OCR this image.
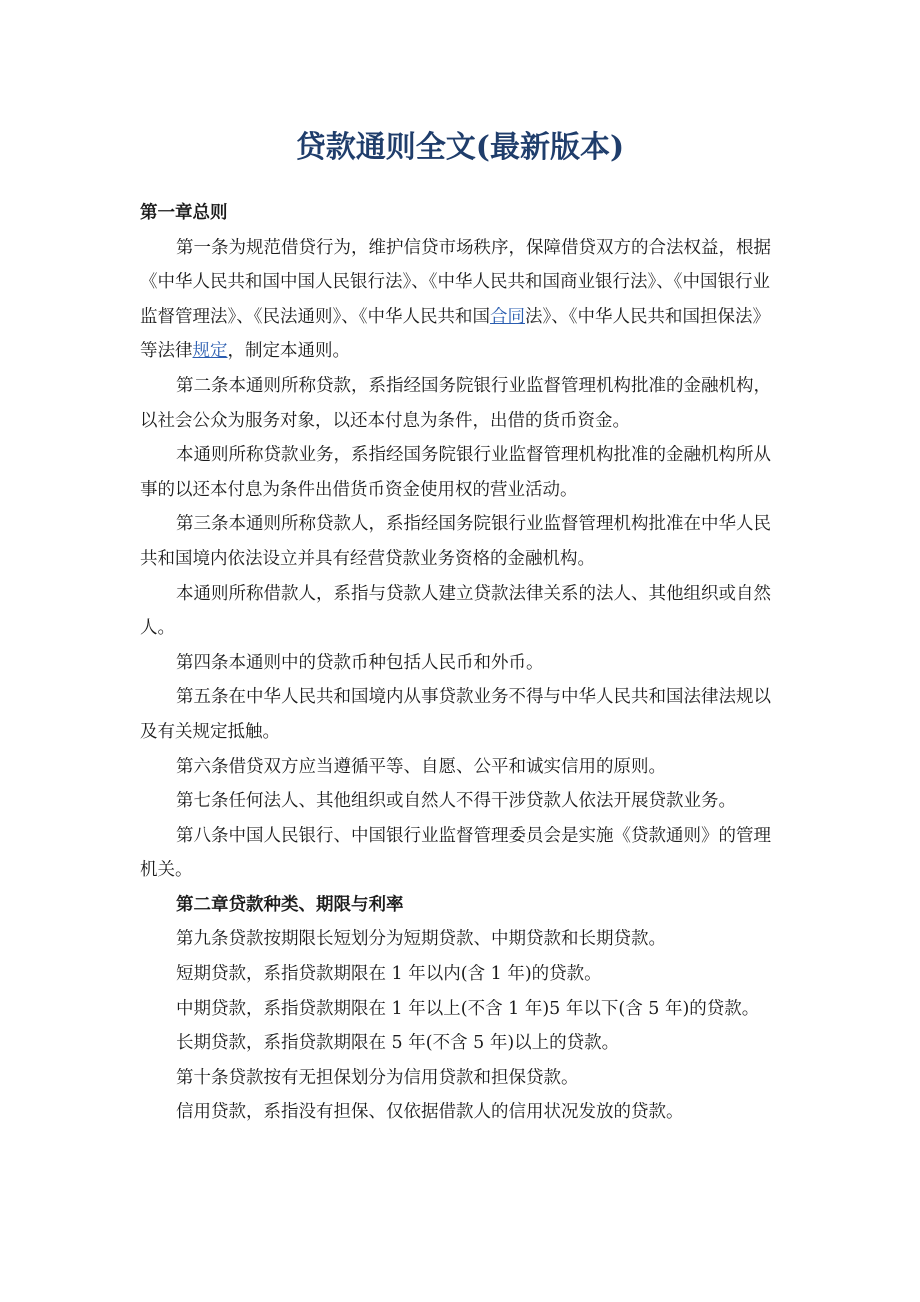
贷款通则全文(最新版本)

第一章总则

第一条为规范借贷行为，维护信贷市场秩序，保障借贷双方的合法权益，根据《中华人民共和国中国人民银行法》、《中华人民共和国商业银行法》、《中国银行业监督管理法》、《民法通则》、《中华人民共和国合同法》、《中华人民共和国担保法》等法律规定，制定本通则。

第二条本通则所称贷款，系指经国务院银行业监督管理机构批准的金融机构，以社会公众为服务对象，以还本付息为条件，出借的货币资金。

本通则所称贷款业务，系指经国务院银行业监督管理机构批准的金融机构所从事的以还本付息为条件出借货币资金使用权的营业活动。

第三条本通则所称贷款人，系指经国务院银行业监督管理机构批准在中华人民共和国境内依法设立并具有经营贷款业务资格的金融机构。

本通则所称借款人，系指与贷款人建立贷款法律关系的法人、其他组织或自然人。

第四条本通则中的贷款币种包括人民币和外币。

第五条在中华人民共和国境内从事贷款业务不得与中华人民共和国法律法规以及有关规定抵触。

第六条借贷双方应当遵循平等、自愿、公平和诚实信用的原则。

第七条任何法人、其他组织或自然人不得干涉贷款人依法开展贷款业务。

第八条中国人民银行、中国银行业监督管理委员会是实施《贷款通则》的管理机关。

第二章贷款种类、期限与利率

第九条贷款按期限长短划分为短期贷款、中期贷款和长期贷款。

短期贷款，系指贷款期限在 1 年以内(含 1 年)的贷款。

中期贷款，系指贷款期限在 1 年以上(不含 1 年)5 年以下(含 5 年)的贷款。

长期贷款，系指贷款期限在 5 年(不含 5 年)以上的贷款。

第十条贷款按有无担保划分为信用贷款和担保贷款。

信用贷款，系指没有担保、仅依据借款人的信用状况发放的贷款。
